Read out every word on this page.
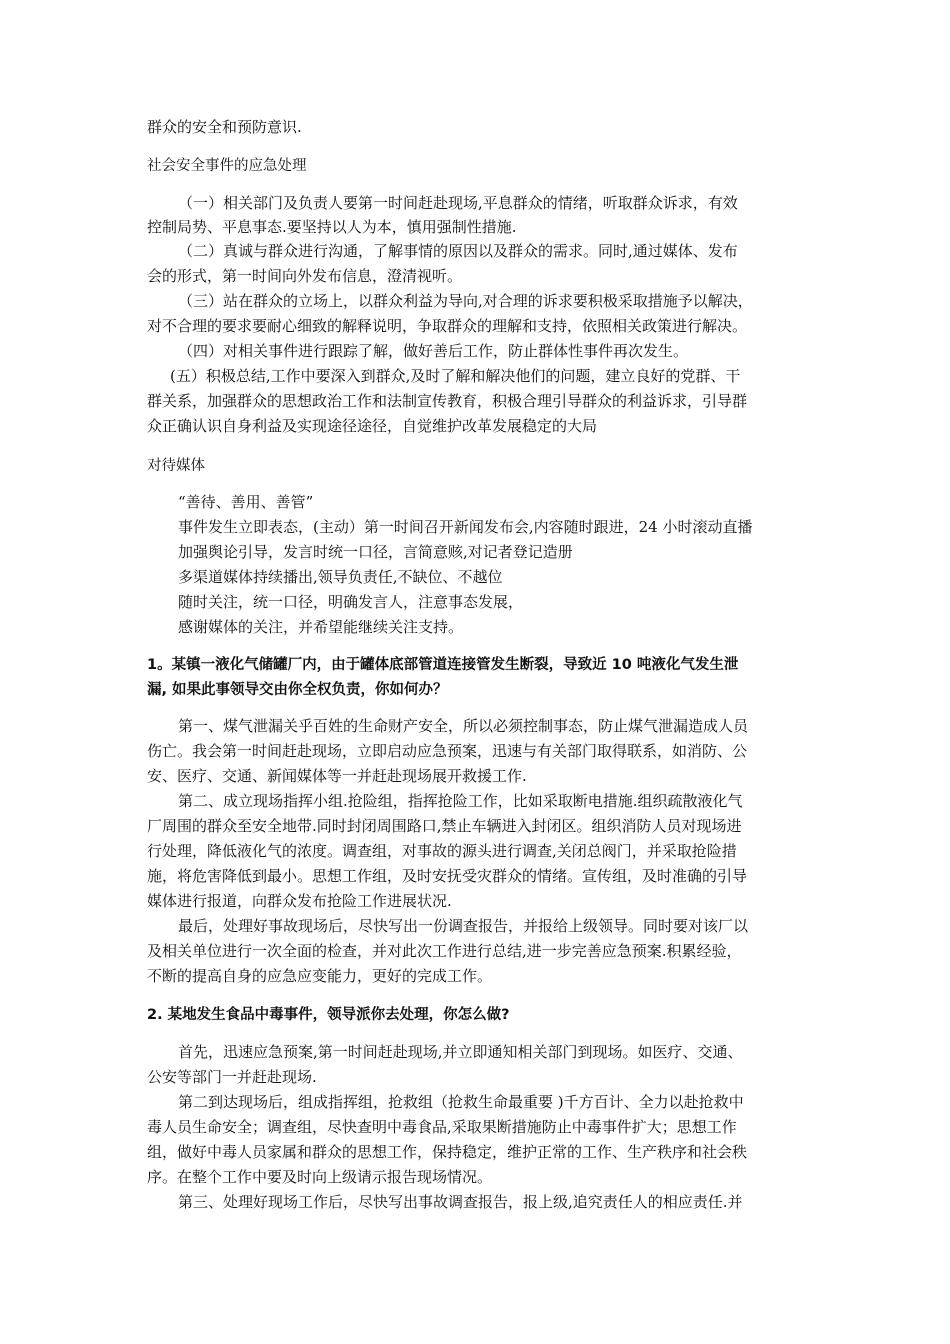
群众的安全和预防意识.
社会安全事件的应急处理
（一）相关部门及负责人要第一时间赶赴现场,平息群众的情绪，听取群众诉求，有效
控制局势、平息事态.要坚持以人为本，慎用强制性措施.
（二）真诚与群众进行沟通，了解事情的原因以及群众的需求。同时,通过媒体、发布
会的形式，第一时间向外发布信息，澄清视听。
（三）站在群众的立场上，以群众利益为导向,对合理的诉求要积极采取措施予以解决，
对不合理的要求要耐心细致的解释说明，争取群众的理解和支持，依照相关政策进行解决。
（四）对相关事件进行跟踪了解，做好善后工作，防止群体性事件再次发生。
(五）积极总结,工作中要深入到群众,及时了解和解决他们的问题，建立良好的党群、干
群关系，加强群众的思想政治工作和法制宣传教育，积极合理引导群众的利益诉求，引导群
众正确认识自身利益及实现途径途径，自觉维护改革发展稳定的大局
对待媒体
“善待、善用、善管”
事件发生立即表态，(主动）第一时间召开新闻发布会,内容随时跟进，24 小时滚动直播
加强舆论引导，发言时统一口径，言简意赅,对记者登记造册
多渠道媒体持续播出,领导负责任,不缺位、不越位
随时关注，统一口径，明确发言人，注意事态发展，
感谢媒体的关注，并希望能继续关注支持。
1。某镇一液化气储罐厂内，由于罐体底部管道连接管发生断裂，导致近 10 吨液化气发生泄
漏, 如果此事领导交由你全权负责，你如何办？
第一、煤气泄漏关乎百姓的生命财产安全，所以必须控制事态，防止煤气泄漏造成人员
伤亡。我会第一时间赶赴现场，立即启动应急预案，迅速与有关部门取得联系，如消防、公
安、医疗、交通、新闻媒体等一并赶赴现场展开救援工作.
第二、成立现场指挥小组.抢险组，指挥抢险工作，比如采取断电措施.组织疏散液化气
厂周围的群众至安全地带.同时封闭周围路口,禁止车辆进入封闭区。组织消防人员对现场进
行处理，降低液化气的浓度。调查组，对事故的源头进行调查,关闭总阀门，并采取抢险措
施，将危害降低到最小。思想工作组，及时安抚受灾群众的情绪。宣传组，及时准确的引导
媒体进行报道，向群众发布抢险工作进展状况.
最后，处理好事故现场后，尽快写出一份调查报告，并报给上级领导。同时要对该厂以
及相关单位进行一次全面的检查，并对此次工作进行总结,进一步完善应急预案.积累经验，
不断的提高自身的应急应变能力，更好的完成工作。
2. 某地发生食品中毒事件，领导派你去处理，你怎么做?
首先，迅速应急预案,第一时间赶赴现场,并立即通知相关部门到现场。如医疗、交通、
公安等部门一并赶赴现场.
第二到达现场后，组成指挥组，抢救组（抢救生命最重要 )千方百计、全力以赴抢救中
毒人员生命安全；调查组，尽快查明中毒食品,采取果断措施防止中毒事件扩大；思想工作
组，做好中毒人员家属和群众的思想工作，保持稳定，维护正常的工作、生产秩序和社会秩
序。在整个工作中要及时向上级请示报告现场情况。
第三、处理好现场工作后，尽快写出事故调查报告，报上级,追究责任人的相应责任.并
